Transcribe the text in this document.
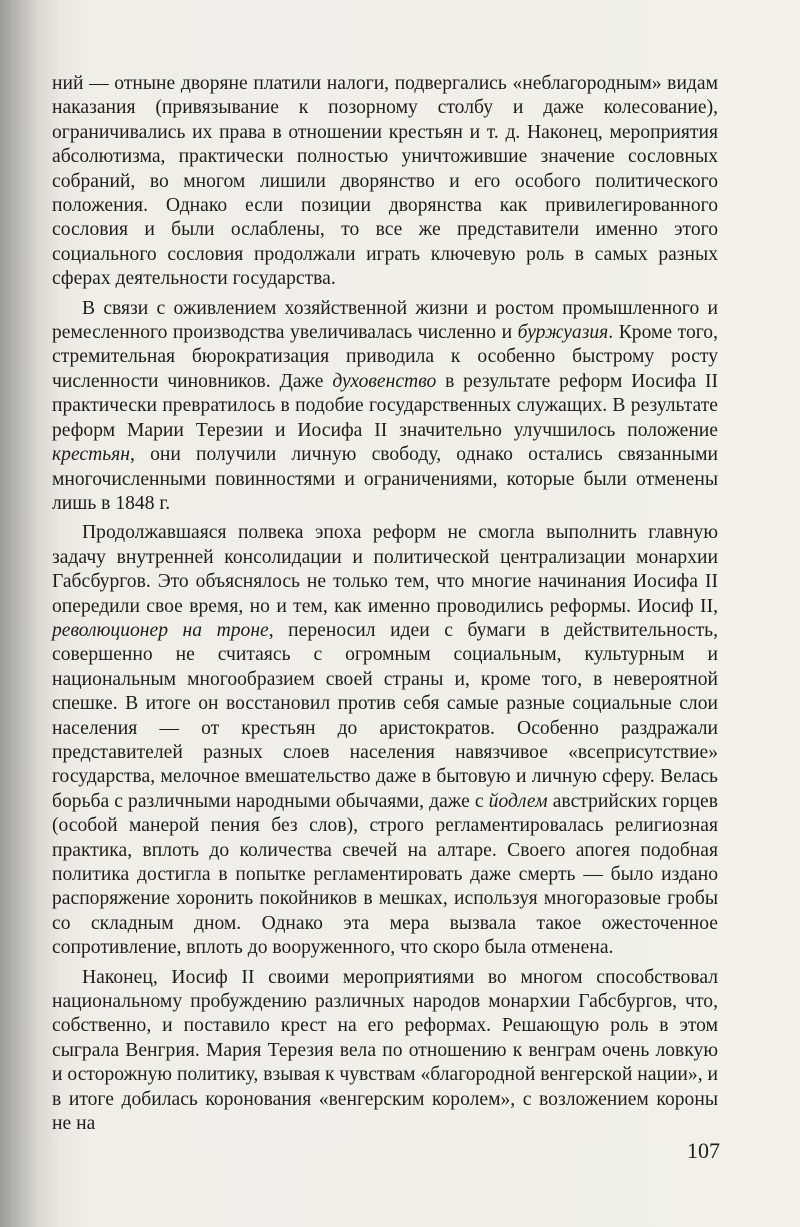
ний — отныне дворяне платили налоги, подвергались «неблагородным» видам наказания (привязывание к позорному столбу и даже колесование), ограничивались их права в отношении крестьян и т. д. Наконец, мероприятия абсолютизма, практически полностью уничтожившие значение сословных собраний, во многом лишили дворянство и его особого политического положения. Однако если позиции дворянства как привилегированного сословия и были ослаблены, то все же представители именно этого социального сословия продолжали играть ключевую роль в самых разных сферах деятельности государства.

В связи с оживлением хозяйственной жизни и ростом промышленного и ремесленного производства увеличивалась численно и буржуазия. Кроме того, стремительная бюрократизация приводила к особенно быстрому росту численности чиновников. Даже духовенство в результате реформ Иосифа II практически превратилось в подобие государственных служащих. В результате реформ Марии Терезии и Иосифа II значительно улучшилось положение крестьян, они получили личную свободу, однако остались связанными многочисленными повинностями и ограничениями, которые были отменены лишь в 1848 г.

Продолжавшаяся полвека эпоха реформ не смогла выполнить главную задачу внутренней консолидации и политической централизации монархии Габсбургов. Это объяснялось не только тем, что многие начинания Иосифа II опередили свое время, но и тем, как именно проводились реформы. Иосиф II, революционер на троне, переносил идеи с бумаги в действительность, совершенно не считаясь с огромным социальным, культурным и национальным многообразием своей страны и, кроме того, в невероятной спешке. В итоге он восстановил против себя самые разные социальные слои населения — от крестьян до аристократов. Особенно раздражали представителей разных слоев населения навязчивое «всеприсутствие» государства, мелочное вмешательство даже в бытовую и личную сферу. Велась борьба с различными народными обычаями, даже с йодлем австрийских горцев (особой манерой пения без слов), строго регламентировалась религиозная практика, вплоть до количества свечей на алтаре. Своего апогея подобная политика достигла в попытке регламентировать даже смерть — было издано распоряжение хоронить покойников в мешках, используя многоразовые гробы со складным дном. Однако эта мера вызвала такое ожесточенное сопротивление, вплоть до вооруженного, что скоро была отменена.

Наконец, Иосиф II своими мероприятиями во многом способствовал национальному пробуждению различных народов монархии Габсбургов, что, собственно, и поставило крест на его реформах. Решающую роль в этом сыграла Венгрия. Мария Терезия вела по отношению к венграм очень ловкую и осторожную политику, взывая к чувствам «благородной венгерской нации», и в итоге добилась коронования «венгерским королем», с возложением короны не на

107
